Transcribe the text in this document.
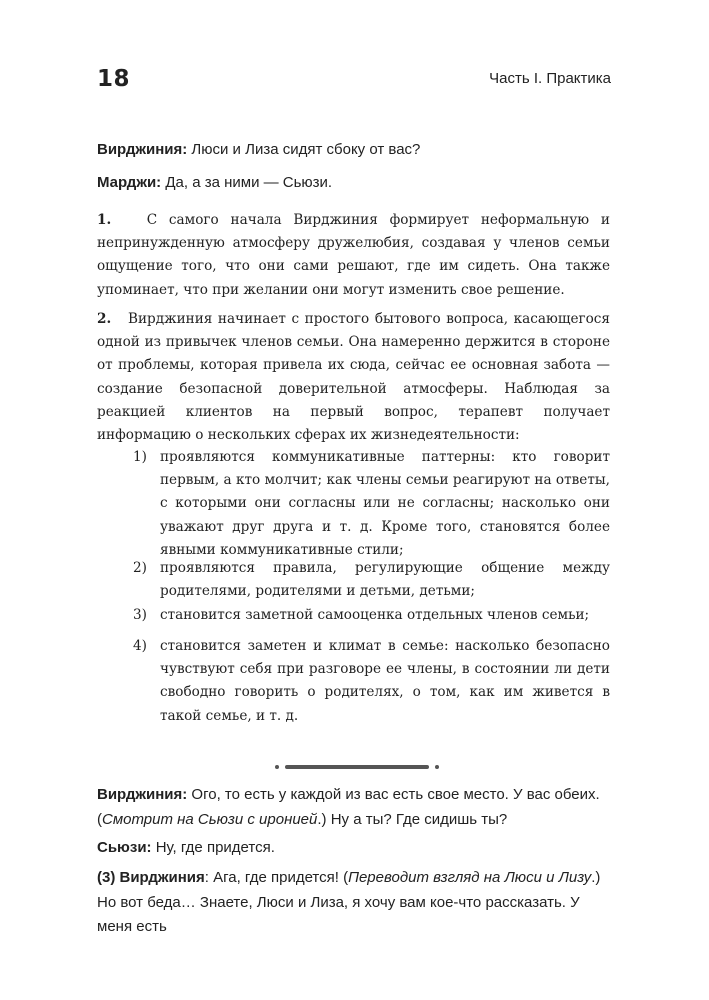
18	Часть I. Практика

Вирджиния: Люси и Лиза сидят сбоку от вас?

Марджи: Да, а за ними — Сьюзи.

1.	С самого начала Вирджиния формирует неформальную и непринужденную атмосферу дружелюбия, создавая у членов семьи ощущение того, что они сами решают, где им сидеть. Она также упоминает, что при желании они могут изменить свое решение.

2. Вирджиния начинает с простого бытового вопроса, касающегося одной из привычек членов семьи. Она намеренно держится в стороне от проблемы, которая привела их сюда, сейчас ее основная забота — создание безопасной доверительной атмосферы. Наблюдая за реакцией клиентов на первый вопрос, терапевт получает информацию о нескольких сферах их жизнедеятельности:

1) проявляются коммуникативные паттерны: кто говорит первым, а кто молчит; как члены семьи реагируют на ответы, с которыми они согласны или не согласны; насколько они уважают друг друга и т. д. Кроме того, становятся более явными коммуникативные стили;
2) проявляются правила, регулирующие общение между родителями, родителями и детьми, детьми;
3) становится заметной самооценка отдельных членов семьи;
4) становится заметен и климат в семье: насколько безопасно чувствуют себя при разговоре ее члены, в состоянии ли дети свободно говорить о родителях, о том, как им живется в такой семье, и т. д.

Вирджиния: Ого, то есть у каждой из вас есть свое место. У вас обеих. (Смотрит на Сьюзи с иронией.) Ну а ты? Где сидишь ты?

Сьюзи: Ну, где придется.

(3) Вирджиния: Ага, где придется! (Переводит взгляд на Люси и Лизу.) Но вот беда… Знаете, Люси и Лиза, я хочу вам кое-что рассказать. У меня есть
